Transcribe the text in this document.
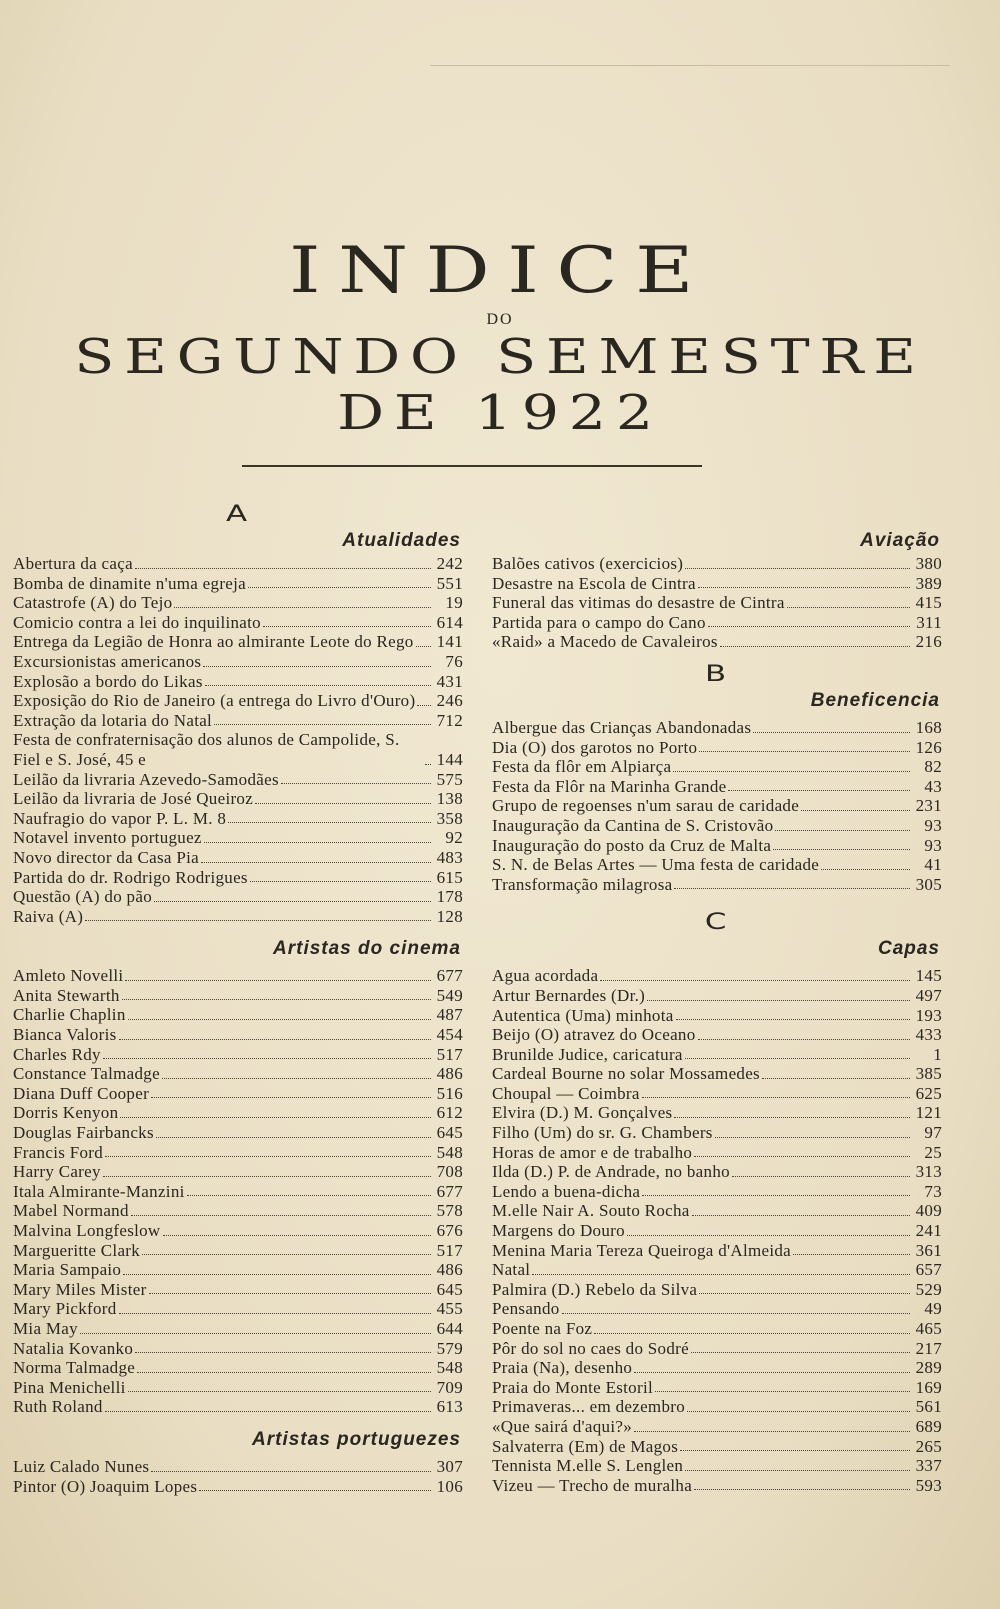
INDICE
DO
SEGUNDO SEMESTRE
DE 1922
A
Atualidades
Abertura da caça	242
Bomba de dinamite n'uma egreja	551
Catastrofe (A) do Tejo	19
Comicio contra a lei do inquilinato	614
Entrega da Legião de Honra ao almirante Leote do Rego 141
Excursionistas americanos	76
Explosão a bordo do Likas	431
Exposição do Rio de Janeiro (a entrega do Livro d'Ouro) 246
Extração da lotaria do Natal	712
Festa de confraternisação dos alunos de Campolide, S. Fiel e S. José, 45 e	144
Leilão da livraria Azevedo-Samodães	575
Leilão da livraria de José Queiroz	138
Naufragio do vapor P. L. M. 8	358
Notavel invento portuguez	92
Novo director da Casa Pia	483
Partida do dr. Rodrigo Rodrigues	615
Questão (A) do pão	178
Raiva (A)	128
Artistas do cinema
Amleto Novelli	677
Anita Stewarth	549
Charlie Chaplin	487
Bianca Valoris	454
Charles Rdy	517
Constance Talmadge	486
Diana Duff Cooper	516
Dorris Kenyon	612
Douglas Fairbancks	645
Francis Ford	548
Harry Carey	708
Itala Almirante-Manzini	677
Mabel Normand	578
Malvina Longfeslow	676
Margueritte Clark	517
Maria Sampaio	486
Mary Miles Mister	645
Mary Pickford	455
Mia May	644
Natalia Kovanko	579
Norma Talmadge	548
Pina Menichelli	709
Ruth Roland	613
Artistas portuguezes
Luiz Calado Nunes	307
Pintor (O) Joaquim Lopes	106
Aviação
Balões cativos (exercicios)	380
Desastre na Escola de Cintra	389
Funeral das vitimas do desastre de Cintra	415
Partida para o campo do Cano	311
«Raid» a Macedo de Cavaleiros	216
B
Beneficencia
Albergue das Crianças Abandonadas	168
Dia (O) dos garotos no Porto	126
Festa da flôr em Alpiarça	82
Festa da Flôr na Marinha Grande	43
Grupo de regoenses n'um sarau de caridade	231
Inauguração da Cantina de S. Cristovão	93
Inauguração do posto da Cruz de Malta	93
S. N. de Belas Artes — Uma festa de caridade	41
Transformação milagrosa	305
C
Capas
Agua acordada	145
Artur Bernardes (Dr.)	497
Autentica (Uma) minhota	193
Beijo (O) atravez do Oceano	433
Brunilde Judice, caricatura	1
Cardeal Bourne no solar Mossamedes	385
Choupal — Coimbra	625
Elvira (D.) M. Gonçalves	121
Filho (Um) do sr. G. Chambers	97
Horas de amor e de trabalho	25
Ilda (D.) P. de Andrade, no banho	313
Lendo a buena-dicha	73
M.elle Nair A. Souto Rocha	409
Margens do Douro	241
Menina Maria Tereza Queiroga d'Almeida	361
Natal	657
Palmira (D.) Rebelo da Silva	529
Pensando	49
Poente na Foz	465
Pôr do sol no caes do Sodré	217
Praia (Na), desenho	289
Praia do Monte Estoril	169
Primaveras... em dezembro	561
«Que sairá d'aqui?»	689
Salvaterra (Em) de Magos	265
Tennista M.elle S. Lenglen	337
Vizeu — Trecho de muralha	593
